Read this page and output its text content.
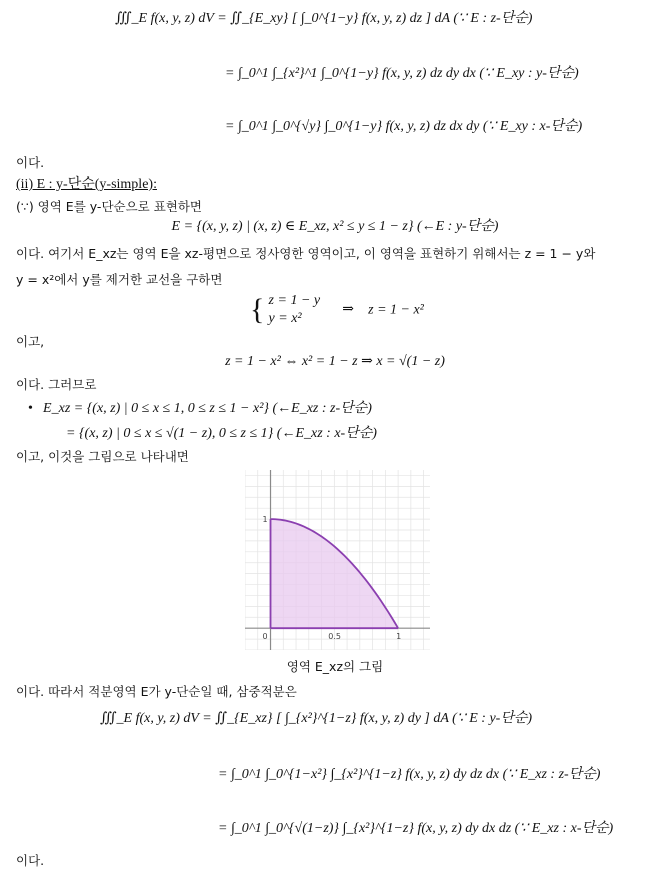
∭_E f(x, y, z) dV = ∬_{E_xy} [ ∫_0^{1−y} f(x, y, z) dz ] dA (∵ E : z-단순)
= ∫_0^1 ∫_{x²}^1 ∫_0^{1−y} f(x, y, z) dz dy dx (∵ E_xy : y-단순)
= ∫_0^1 ∫_0^{√y} ∫_0^{1−y} f(x, y, z) dz dx dy (∵ E_xy : x-단순)
이다.
(ii) E : y-단순(y-simple):
(∵) 영역 E를 y-단순으로 표현하면
E = {(x, y, z) | (x, z) ∈ E_xz, x² ≤ y ≤ 1 − z} (←E : y-단순)
이다. 여기서 E_xz는 영역 E을 xz-평면으로 정사영한 영역이고, 이 영역을 표현하기 위해서는 z = 1 − y와
y = x²에서 y를 제거한 교선을 구하면
{ z = 1 − y
y = x²
⇒ z = 1 − x²
이고,
z = 1 − x² ⇔ x² = 1 − z ⇒ x = √(1 − z)
이다. 그러므로
• E_xz = {(x, z) | 0 ≤ x ≤ 1, 0 ≤ z ≤ 1 − x²} (←E_xz : z-단순)
= {(x, z) | 0 ≤ x ≤ √(1 − z), 0 ≤ z ≤ 1} (←E_xz : x-단순)
이고, 이것을 그림으로 나타내면
0	0.5	1
1
영역 E_xz의 그림
이다. 따라서 적분영역 E가 y-단순일 때, 삼중적분은
∭_E f(x, y, z) dV = ∬_{E_xz} [ ∫_{x²}^{1−z} f(x, y, z) dy ] dA (∵ E : y-단순)
= ∫_0^1 ∫_0^{1−x²} ∫_{x²}^{1−z} f(x, y, z) dy dz dx (∵ E_xz : z-단순)
= ∫_0^1 ∫_0^{√(1−z)} ∫_{x²}^{1−z} f(x, y, z) dy dx dz (∵ E_xz : x-단순)
이다.
